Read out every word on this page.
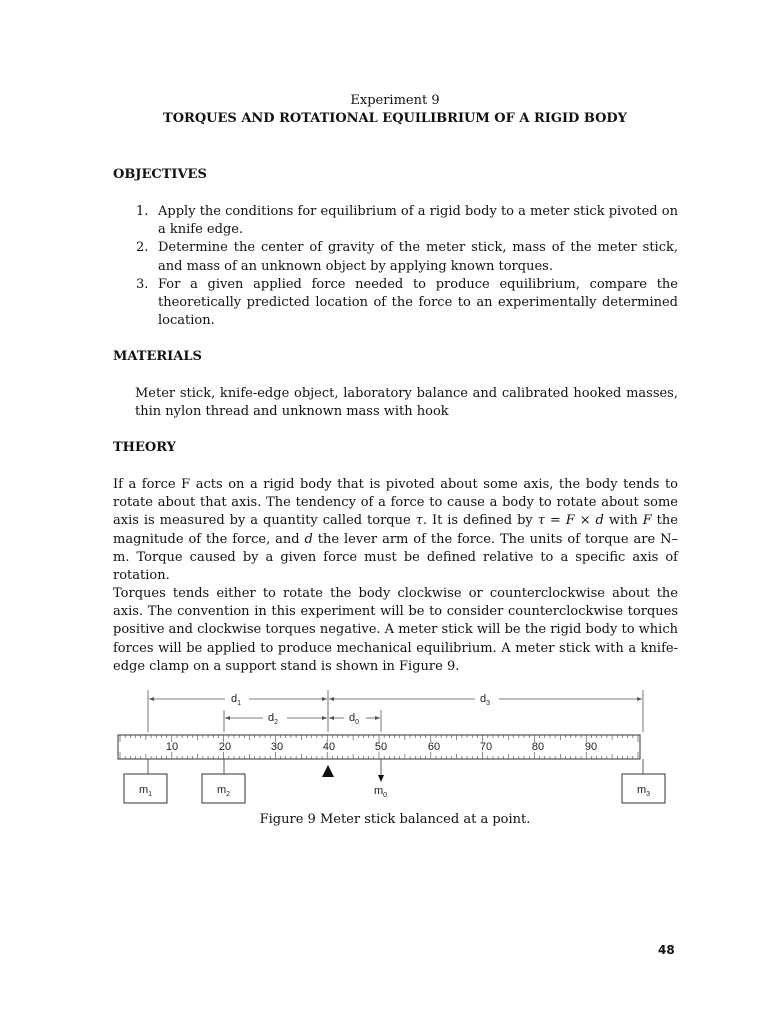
Experiment 9
TORQUES AND ROTATIONAL EQUILIBRIUM OF A RIGID BODY
OBJECTIVES
1. Apply the conditions for equilibrium of a rigid body to a meter stick pivoted on a knife edge.
2. Determine the center of gravity of the meter stick, mass of the meter stick, and mass of an unknown object by applying known torques.
3. For a given applied force needed to produce equilibrium, compare the theoretically predicted location of the force to an experimentally determined location.
MATERIALS
Meter stick, knife-edge object, laboratory balance and calibrated hooked masses, thin nylon thread and unknown mass with hook
THEORY
If a force F acts on a rigid body that is pivoted about some axis, the body tends to rotate about that axis. The tendency of a force to cause a body to rotate about some axis is measured by a quantity called torque τ. It is defined by τ = F × d with F the magnitude of the force, and d the lever arm of the force. The units of torque are N–m. Torque caused by a given force must be defined relative to a specific axis of rotation.
Torques tends either to rotate the body clockwise or counterclockwise about the axis. The convention in this experiment will be to consider counterclockwise torques positive and clockwise torques negative. A meter stick will be the rigid body to which forces will be applied to produce mechanical equilibrium. A meter stick with a knife-edge clamp on a support stand is shown in Figure 9.
$d_1$	$d_3$
$d_2$	$d_0$
10	20	30	40	50	60	70	80	90
$m_1$	$m_2$	$m_0$	$m_3$
Figure 9 Meter stick balanced at a point.
48
